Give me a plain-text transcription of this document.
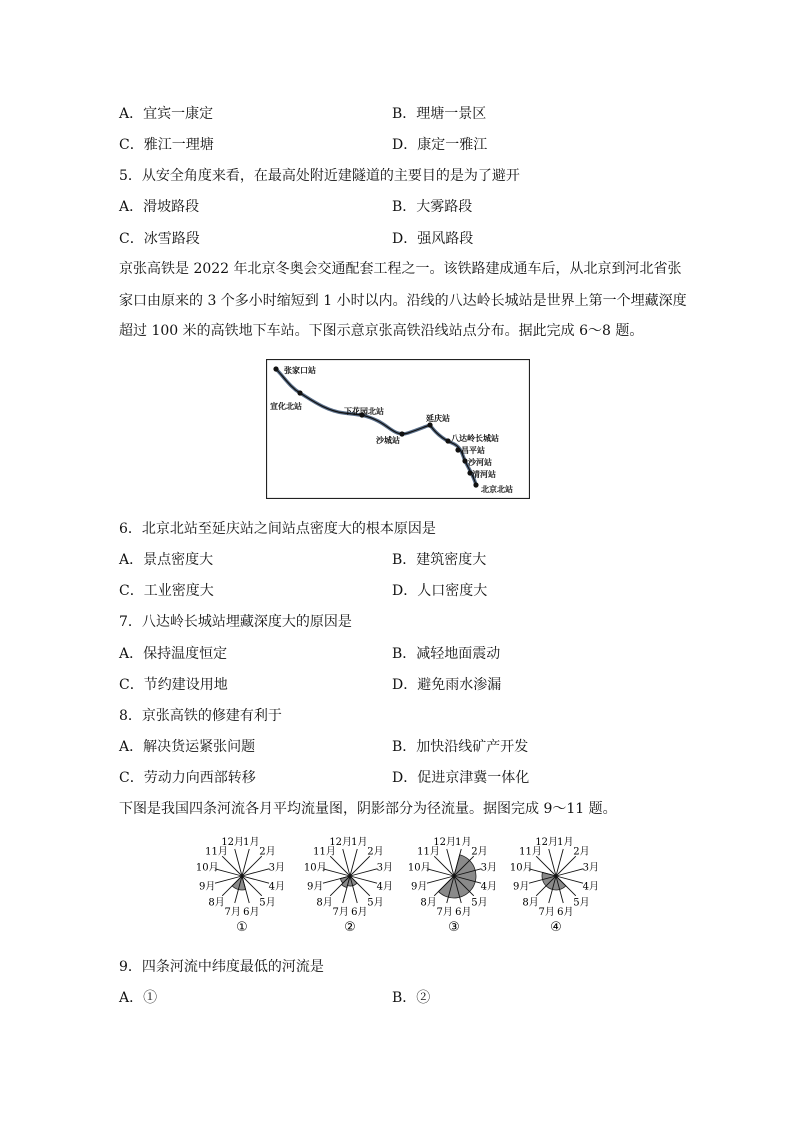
A．宜宾一康定	B．理塘一景区
C．雅江一理塘	D．康定一雅江
5．从安全角度来看，在最高处附近建隧道的主要目的是为了避开
A．滑坡路段	B．大雾路段
C．冰雪路段	D．强风路段
京张高铁是 2022 年北京冬奥会交通配套工程之一。该铁路建成通车后，从北京到河北省张
家口由原来的 3 个多小时缩短到 1 小时以内。沿线的八达岭长城站是世界上第一个埋藏深度
超过 100 米的高铁地下车站。下图示意京张高铁沿线站点分布。据此完成 6～8 题。
张家口站
宣化北站
下花园北站
沙城站
延庆站
八达岭长城站
昌平站
沙河站
清河站
北京北站
6．北京北站至延庆站之间站点密度大的根本原因是
A．景点密度大	B．建筑密度大
C．工业密度大	D．人口密度大
7．八达岭长城站埋藏深度大的原因是
A．保持温度恒定	B．减轻地面震动
C．节约建设用地	D．避免雨水渗漏
8．京张高铁的修建有利于
A．解决货运紧张问题	B．加快沿线矿产开发
C．劳动力向西部转移	D．促进京津冀一体化
下图是我国四条河流各月平均流量图，阴影部分为径流量。据图完成 9～11 题。
1月
2月
3月
4月
5月
6月
7月
8月
9月
10月
11月
12月
①
1月
2月
3月
4月
5月
6月
7月
8月
9月
10月
11月
12月
②
1月
2月
3月
4月
5月
6月
7月
8月
9月
10月
11月
12月
③
1月
2月
3月
4月
5月
6月
7月
8月
9月
10月
11月
12月
④
9．四条河流中纬度最低的河流是
A．①	B．②
